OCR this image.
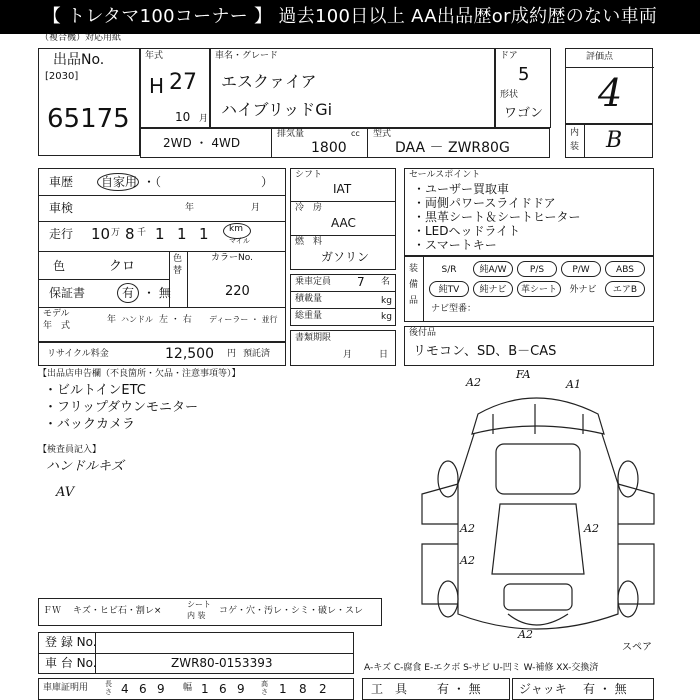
【 トレタマ100コーナー 】 過去100日以上 AA出品歴or成約歴のない車両
（複合機）対応用紙
出品No.
[2030]
65175
年式
H 27
10 月
車名・グレード
エスクァイア
ハイブリッドGi
ドア
5
形状
ワゴン
評価点
4
内
装 B
2WD ・ 4WD
排気量	cc
1800
型式
DAA － ZWR80G
車歴 自家用 ・（	）
車検	年	月
走行 10 万 8 千 1 1 1 km
マイル
色	クロ	色
替
カラーNo.
220
保証書	有 ・ 無
モデル
年　式
年 ハンドル 左 ・ 右 ディーラー ・ 並行
リサイクル料金	12,500 円 預託済
シフト
IAT
冷　房
AAC
燃　料
ガソリン
乗車定員 7 名
積載量	kg
総重量	kg
書類期限
月	日
セールスポイント
・ユーザー買取車
・両側パワースライドドア
・黒革シート＆シートヒーター
・LEDヘッドライト
・スマートキー
装
備
品
S/R	純A/W	P/S	P/W	ABS
純TV	純ナビ	革シート	外ナビ	エアB
ナビ型番：
後付品
リモコン、SD、B－CAS
【出品店申告欄（不良箇所・欠品・注意事項等）】
・ビルトインETC
・フリップダウンモニター
・バックカメラ
【検査員記入】
ハンドルキズ
AV
A2
FA
A1
A2	A2
A2
A2
スペア
ＦＷ キズ・ヒビ石・割レ×
シート
内 装 コゲ・穴・汚レ・シミ・破レ・スレ
登 録 No.
車 台 No.	ZWR80-0153393	A-キズ C-腐食 E-エクボ S-サビ U-凹ミ W-補修 XX-交換済
車庫証明用 長さ 4 6 9 幅 1 6 9 高さ 1 8 2	工　具 有 ・ 無	ジャッキ 有 ・ 無
